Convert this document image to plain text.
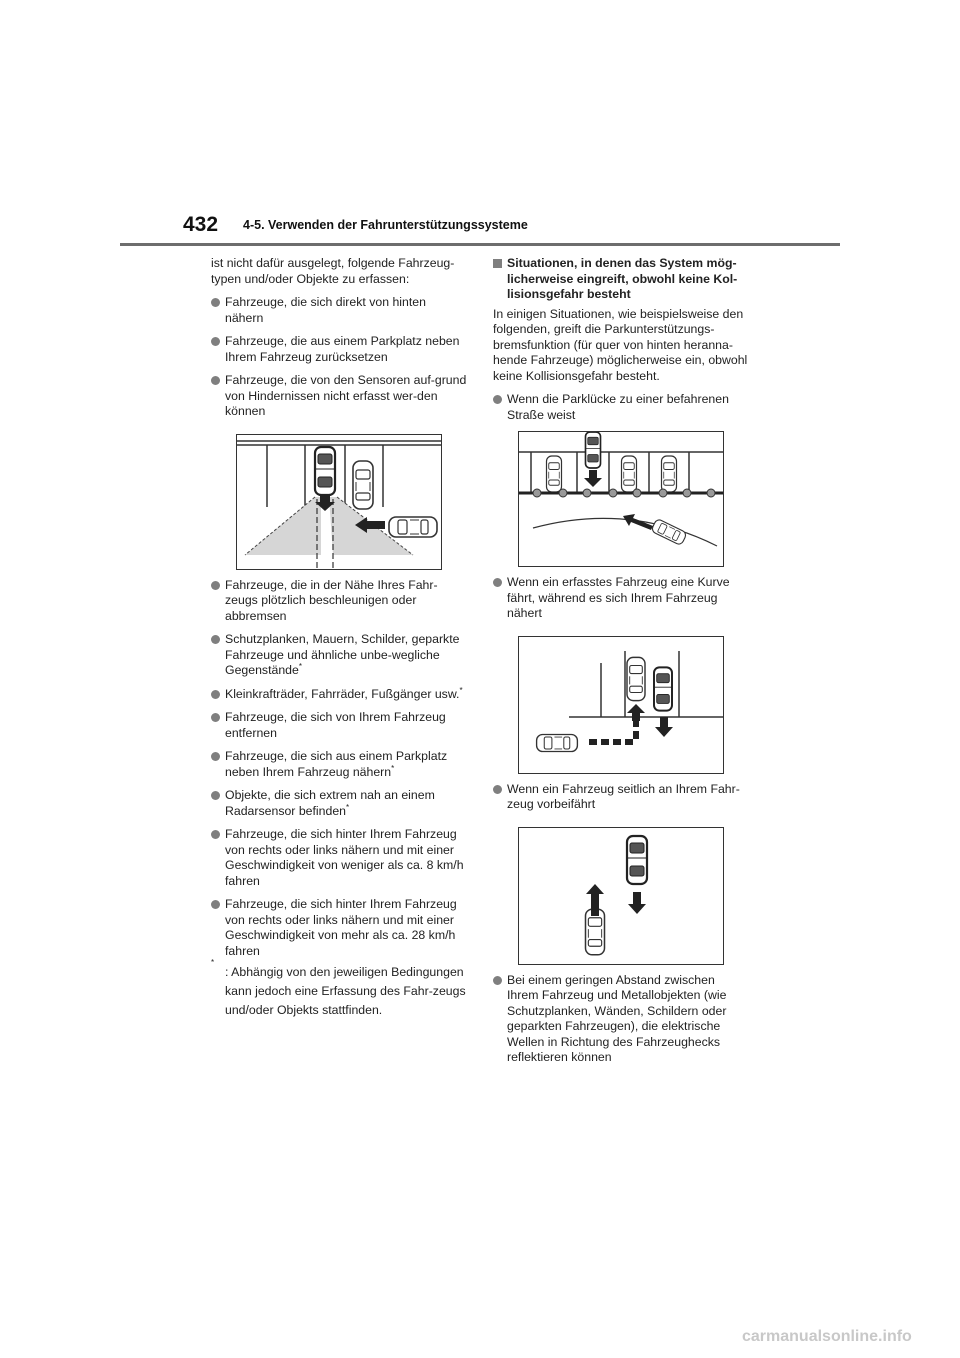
432 4-5. Verwenden der Fahrunterstützungssysteme

ist nicht dafür ausgelegt, folgende Fahrzeug-typen und/oder Objekte zu erfassen:

Fahrzeuge, die sich direkt von hinten nähern
Fahrzeuge, die aus einem Parkplatz neben Ihrem Fahrzeug zurücksetzen
Fahrzeuge, die von den Sensoren auf-grund von Hindernissen nicht erfasst wer-den können
Fahrzeuge, die in der Nähe Ihres Fahr-zeugs plötzlich beschleunigen oder abbremsen
Schutzplanken, Mauern, Schilder, geparkte Fahrzeuge und ähnliche unbe-wegliche Gegenstände*
Kleinkrafträder, Fahrräder, Fußgänger usw.*
Fahrzeuge, die sich von Ihrem Fahrzeug entfernen
Fahrzeuge, die sich aus einem Parkplatz neben Ihrem Fahrzeug nähern*
Objekte, die sich extrem nah an einem Radarsensor befinden*
Fahrzeuge, die sich hinter Ihrem Fahrzeug von rechts oder links nähern und mit einer Geschwindigkeit von weniger als ca. 8 km/h fahren
Fahrzeuge, die sich hinter Ihrem Fahrzeug von rechts oder links nähern und mit einer Geschwindigkeit von mehr als ca. 28 km/h fahren
*
: Abhängig von den jeweiligen Bedingungen kann jedoch eine Erfassung des Fahr-zeugs und/oder Objekts stattfinden.
Situationen, in denen das System mög-licherweise eingreift, obwohl keine Kol-lisionsgefahr besteht

In einigen Situationen, wie beispielsweise den folgenden, greift die Parkunterstützungs-bremsfunktion (für quer von hinten heranna-hende Fahrzeuge) möglicherweise ein, obwohl keine Kollisionsgefahr besteht.

Wenn die Parklücke zu einer befahrenen Straße weist
Wenn ein erfasstes Fahrzeug eine Kurve fährt, während es sich Ihrem Fahrzeug nähert
Wenn ein Fahrzeug seitlich an Ihrem Fahr-zeug vorbeifährt
Bei einem geringen Abstand zwischen Ihrem Fahrzeug und Metallobjekten (wie Schutzplanken, Wänden, Schildern oder geparkten Fahrzeugen), die elektrische Wellen in Richtung des Fahrzeughecks reflektieren können
carmanualsonline.info
